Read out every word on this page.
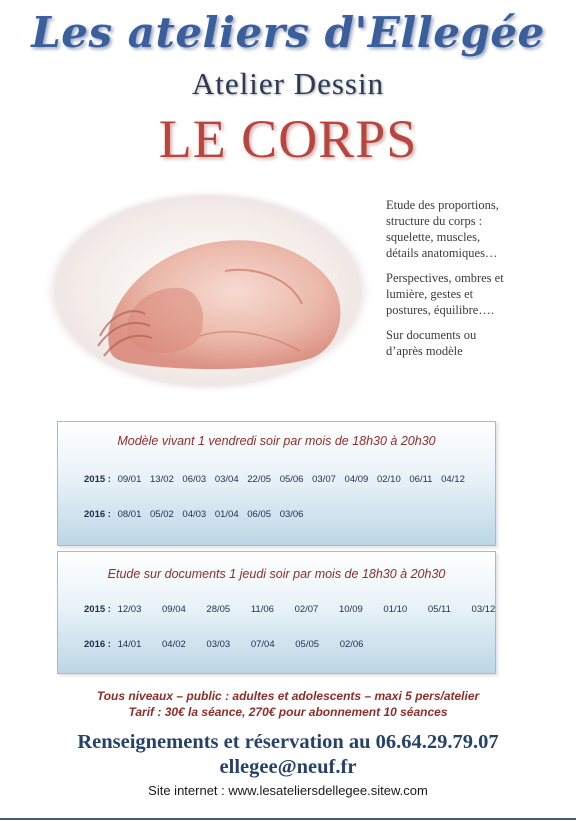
Les ateliers d'Ellegée
Atelier Dessin
LE CORPS

Etude des proportions, structure du corps : squelette, muscles, détails anatomiques…

Perspectives, ombres et lumière, gestes et postures, équilibre….

Sur documents ou d’après modèle

Modèle vivant 1 vendredi soir par mois de 18h30 à 20h30
2015 : 09/01 13/02 06/03 03/04 22/05 05/06 03/07 04/09 02/10 06/11 04/12
2016 : 08/01 05/02 04/03 01/04 06/05 03/06
Etude sur documents 1 jeudi soir par mois de 18h30 à 20h30
2015 : 12/03 09/04 28/05 11/06 02/07 10/09 01/10 05/11 03/12
2016 : 14/01 04/02 03/03 07/04 05/05 02/06
Tous niveaux – public : adultes et adolescents – maxi 5 pers/atelier
Tarif : 30€ la séance, 270€ pour abonnement 10 séances
Renseignements et réservation au 06.64.29.79.07
ellegee@neuf.fr
Site internet : www.lesateliersdellegee.sitew.com
